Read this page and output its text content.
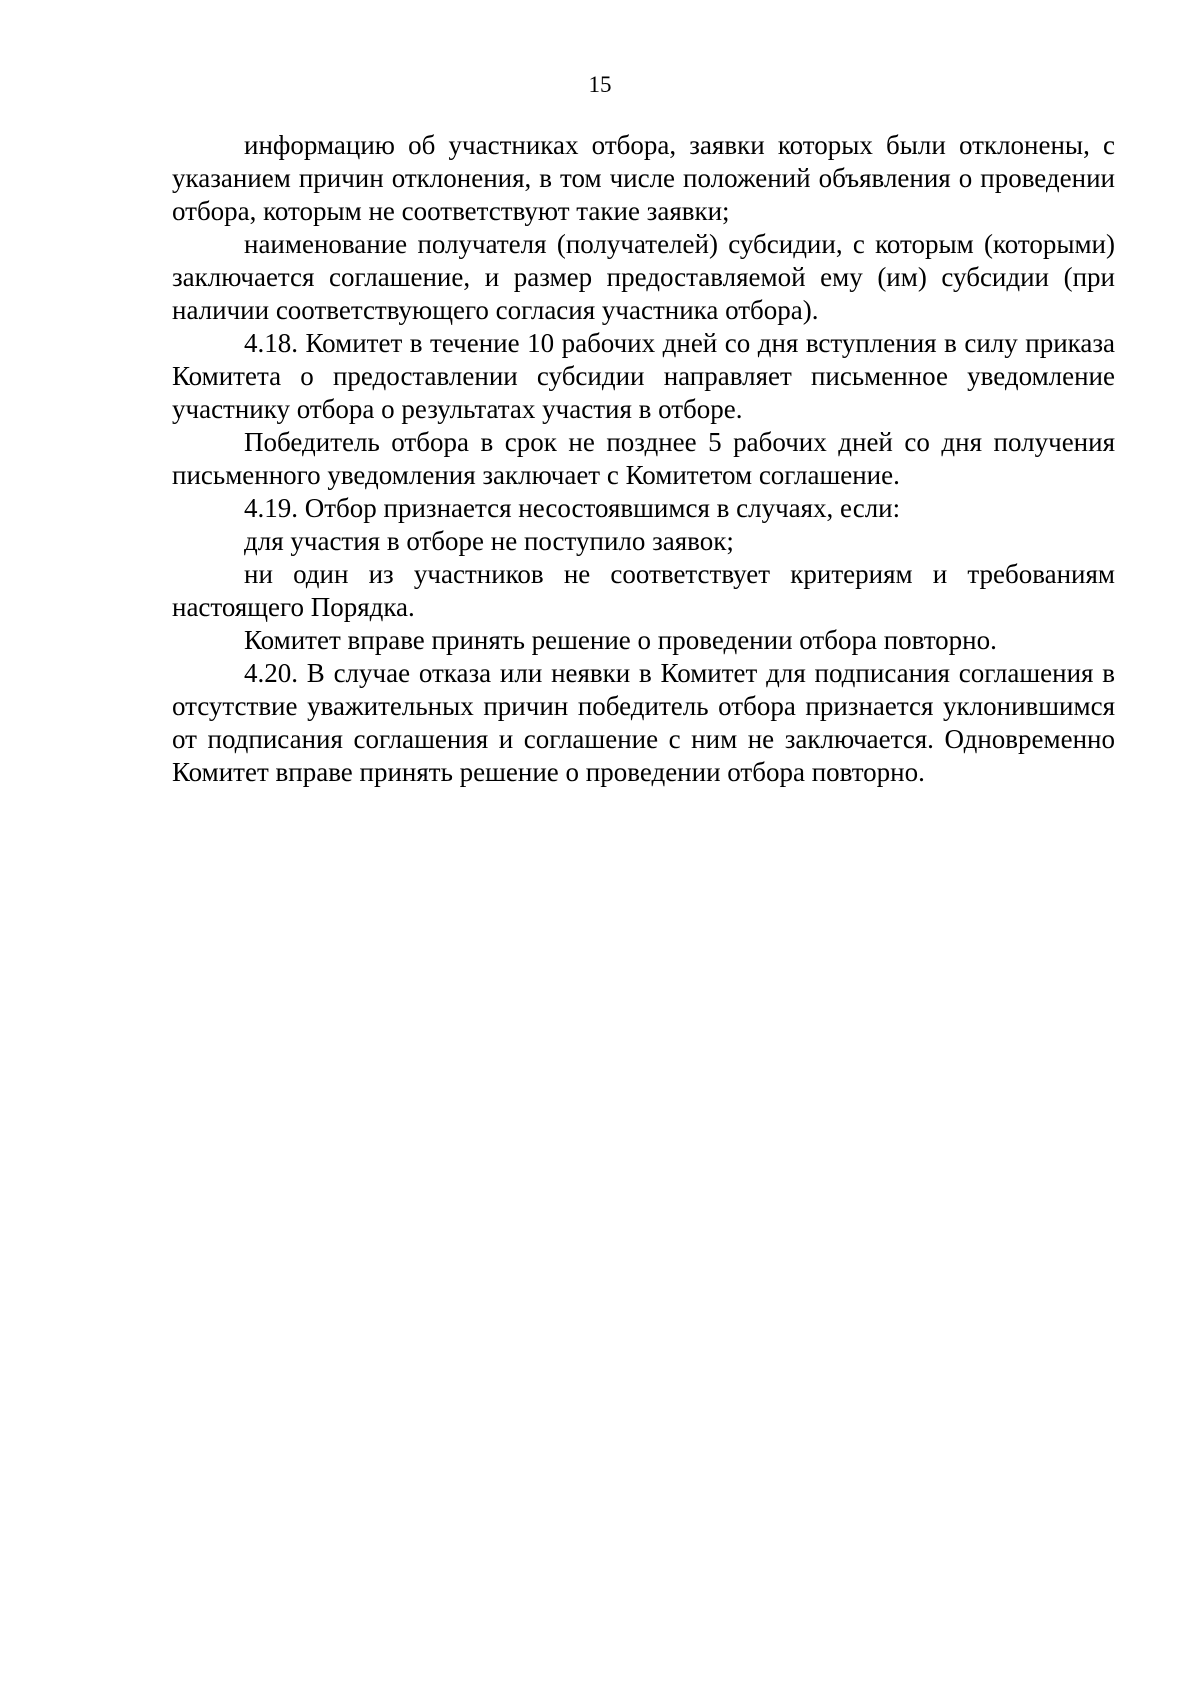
15

информацию об участниках отбора, заявки которых были отклонены, с указанием причин отклонения, в том числе положений объявления о проведении отбора, которым не соответствуют такие заявки;

наименование получателя (получателей) субсидии, с которым (которыми) заключается соглашение, и размер предоставляемой ему (им) субсидии (при наличии соответствующего согласия участника отбора).

4.18. Комитет в течение 10 рабочих дней со дня вступления в силу приказа Комитета о предоставлении субсидии направляет письменное уведомление участнику отбора о результатах участия в отборе.

Победитель отбора в срок не позднее 5 рабочих дней со дня получения письменного уведомления заключает с Комитетом соглашение.

4.19. Отбор признается несостоявшимся в случаях, если:

для участия в отборе не поступило заявок;

ни один из участников не соответствует критериям и требованиям настоящего Порядка.

Комитет вправе принять решение о проведении отбора повторно.

4.20. В случае отказа или неявки в Комитет для подписания соглашения в отсутствие уважительных причин победитель отбора признается уклонившимся от подписания соглашения и соглашение с ним не заключается. Одновременно Комитет вправе принять решение о проведении отбора повторно.
